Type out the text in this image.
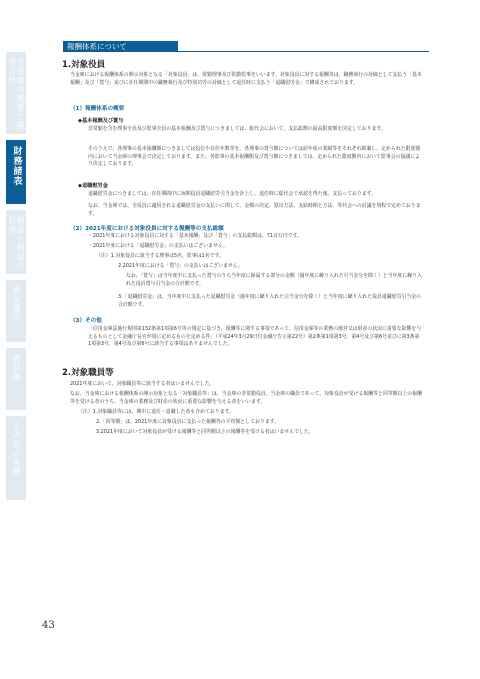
当金庫の概要と運営方針
財務諸表
損益・利益の状況
資金運用
資料編
その他の業務
報酬体系について
1.対象役員
当金庫における報酬体系の開示対象となる「対象役員」は、常勤理事及び常勤監事をいいます。対象役員に対する報酬等は、職務執行の対価として支払う「基本報酬」及び「賞与」並びに在任期間中の職務執行及び特別功労の対価として退任時に支払う「退職慰労金」で構成されております。
（1）報酬体系の概要
◆基本報酬及び賞与
非常勤を含む理事全員及び監事全員の基本報酬及び賞与につきましては、総代会において、支払総額の最高限度額を決定しております。
そのうえで、各理事の基本報酬額につきましては役位や在任年数等を、各理事の賞与額については前年度の業績等をそれぞれ勘案し、定められた限度額内において当金庫の理事会で決定しております。また、各監事の基本報酬額及び賞与額につきましては、定められた限度額内において監事会の協議により決定しております。
◆退職慰労金
退職慰労金につきましては、在任期間中に毎期役員退職慰労引当金を計上し、退任時に総代会で承認を得た後、支払っております。
なお、当金庫では、全役員に適用される退職慰労金の支払いに関して、金額の決定、算出方法、支給時期と方法、等代会への討議を規程で定めております。
（2）2021年度における対象役員に対する報酬等の支払総額
・2021年度における対象役員に対する「基本報酬」及び「賞与」の支払総額は、71百万円です。
・2021年度における「退職慰労金」の支払いはございません。
（注）1.対象役員に該当する理事は5名、監事は1名です。
2.2021年度における「賞与」の支払いはございません。
なお、「賞与」は当年度中に支払った賞与のうち当年度に帰属する部分の金額（過年度に繰り入れた引当金分を除く）と当年度に繰り入れた役員賞与引当金の合計額です。
3.「退職慰労金」は、当年度中に支払った退職慰労金（過年度に繰り入れた引当金分を除く）と当年度に繰り入れた役員退職慰労引当金の合計額です。
（3）その他
「信用金庫法施行規則第132条第1項第6号等の規定に基づき、報酬等に関する事項であって、信用金庫等の業務の運営又は財産の状況に重要な影響を与えるものとして金融庁長官が別に定めるものを定める件」（平成24年3月29日付金融庁告示第22号）第2条第1項第3号、第4号及び第6号並びに第3条第1項第3号、第4号及び第6号に該当する事項はありませんでした。
2.対象職員等
2021年度において、対象職員等に該当する者はいませんでした。
なお、当金庫における報酬体系の開示対象となる「対象職員等」は、当金庫の非常勤役員、当金庫の職員であって、対象役員が受ける報酬等と同等額以上の報酬等を受ける者のうち、当金庫の業務及び財産の状況に重要な影響を与える者をいいます。
（注）1.対象職員等には、期中に退任・退職した者も含めております。
2.「同等額」は、2021年度に対象役員に支払った報酬等の平均額としております。
3.2021年度において対象役員が受ける報酬等と同等額以上の報酬等を受ける者はいませんでした。
43
